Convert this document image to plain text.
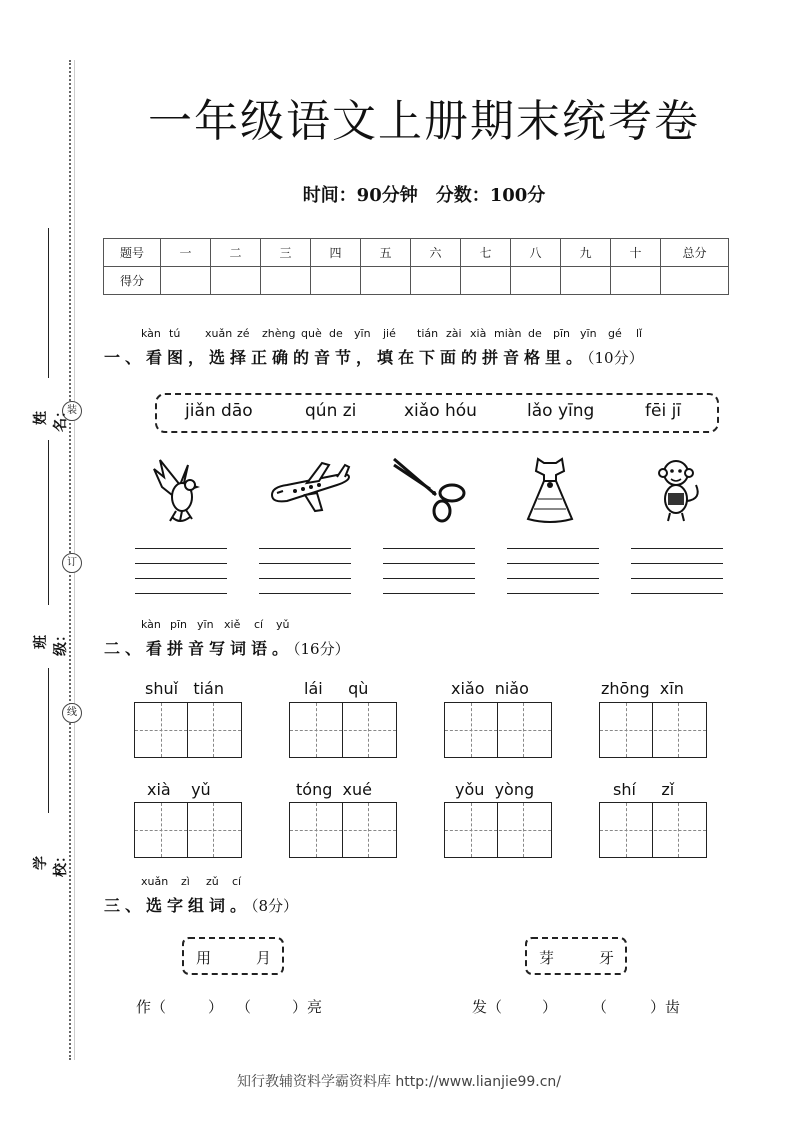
装
订
线
姓名：
班级：
学校：
一年级语文上册期末统考卷
时间：90分钟　分数：100分
题号	一	二	三	四	五	六	七	八	九	十	总分
得分											
kàn tú xuǎn zé zhèng què de yīn jié tián zài xià miàn de pīn yīn gé lǐ
一、看图，选择正确的音节，填在下面的拼音格里。（10分）
jiǎn dāo	qún zi	xiǎo hóu	lǎo yīng	fēi jī
kàn pīn yīn xiě cí yǔ
二、看拼音写词语。（16分）
shuǐ tián	lái qù	xiǎo niǎo	zhōng xīn
xià yǔ	tóng xué	yǒu yòng	shí zǐ
xuǎn zì zǔ cí
三、选字组词。（8分）
用	月	芽	牙
作（	） （	）亮	发（	） （	）齿
知行教辅资料学霸资料库 http://www.lianjie99.cn/
